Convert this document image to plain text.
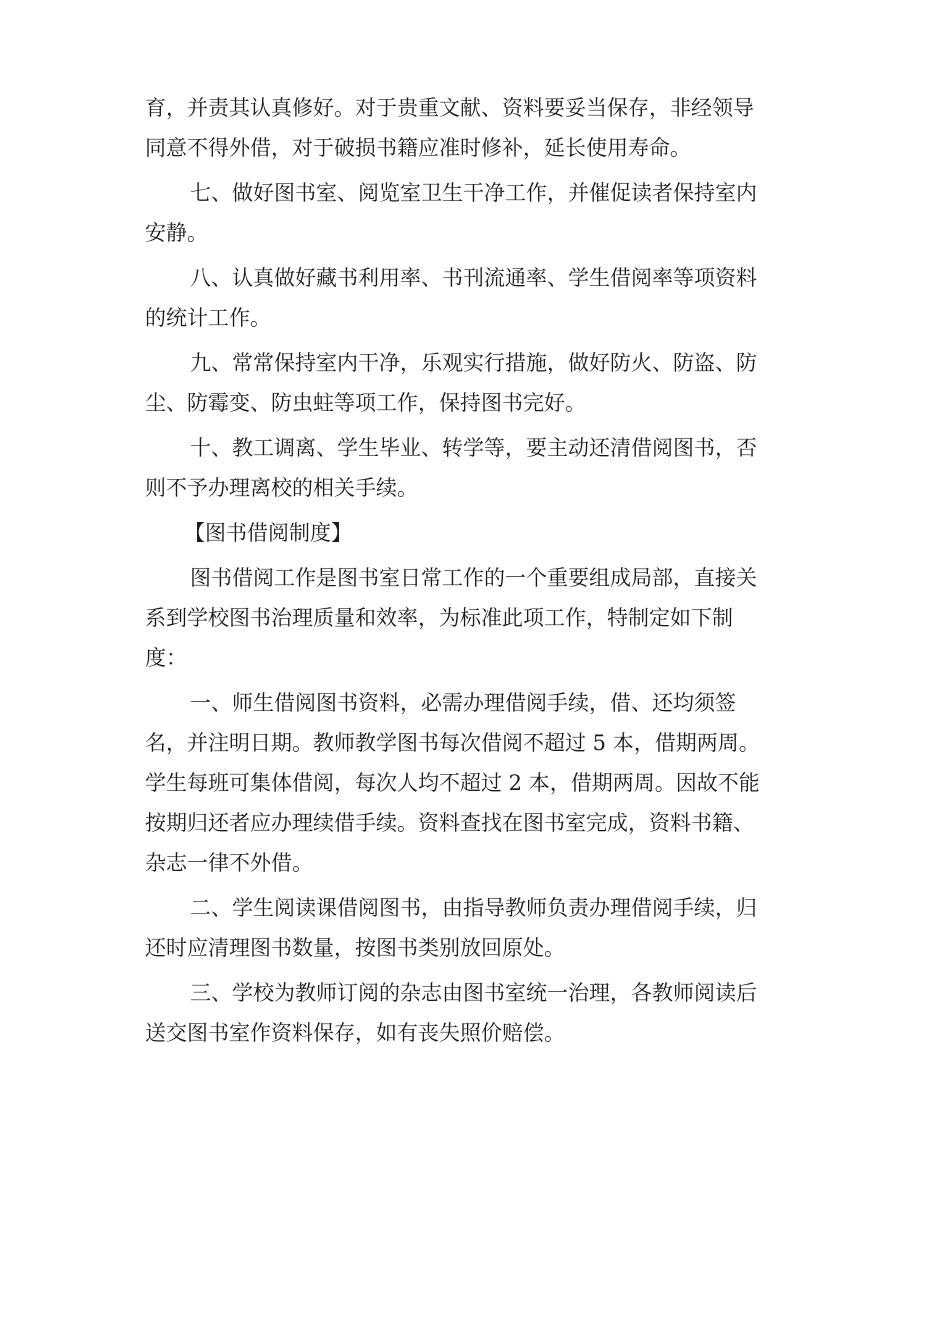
育，并责其认真修好。对于贵重文献、资料要妥当保存，非经领导
同意不得外借，对于破损书籍应准时修补，延长使用寿命。
七、做好图书室、阅览室卫生干净工作，并催促读者保持室内
安静。
八、认真做好藏书利用率、书刊流通率、学生借阅率等项资料
的统计工作。
九、常常保持室内干净，乐观实行措施，做好防火、防盗、防
尘、防霉变、防虫蛀等项工作，保持图书完好。
十、教工调离、学生毕业、转学等，要主动还清借阅图书，否
则不予办理离校的相关手续。
【图书借阅制度】
图书借阅工作是图书室日常工作的一个重要组成局部，直接关
系到学校图书治理质量和效率，为标准此项工作，特制定如下制
度：
一、师生借阅图书资料，必需办理借阅手续，借、还均须签
名，并注明日期。教师教学图书每次借阅不超过 5 本，借期两周。
学生每班可集体借阅，每次人均不超过 2 本，借期两周。因故不能
按期归还者应办理续借手续。资料查找在图书室完成，资料书籍、
杂志一律不外借。
二、学生阅读课借阅图书，由指导教师负责办理借阅手续，归
还时应清理图书数量，按图书类别放回原处。
三、学校为教师订阅的杂志由图书室统一治理，各教师阅读后
送交图书室作资料保存，如有丧失照价赔偿。
